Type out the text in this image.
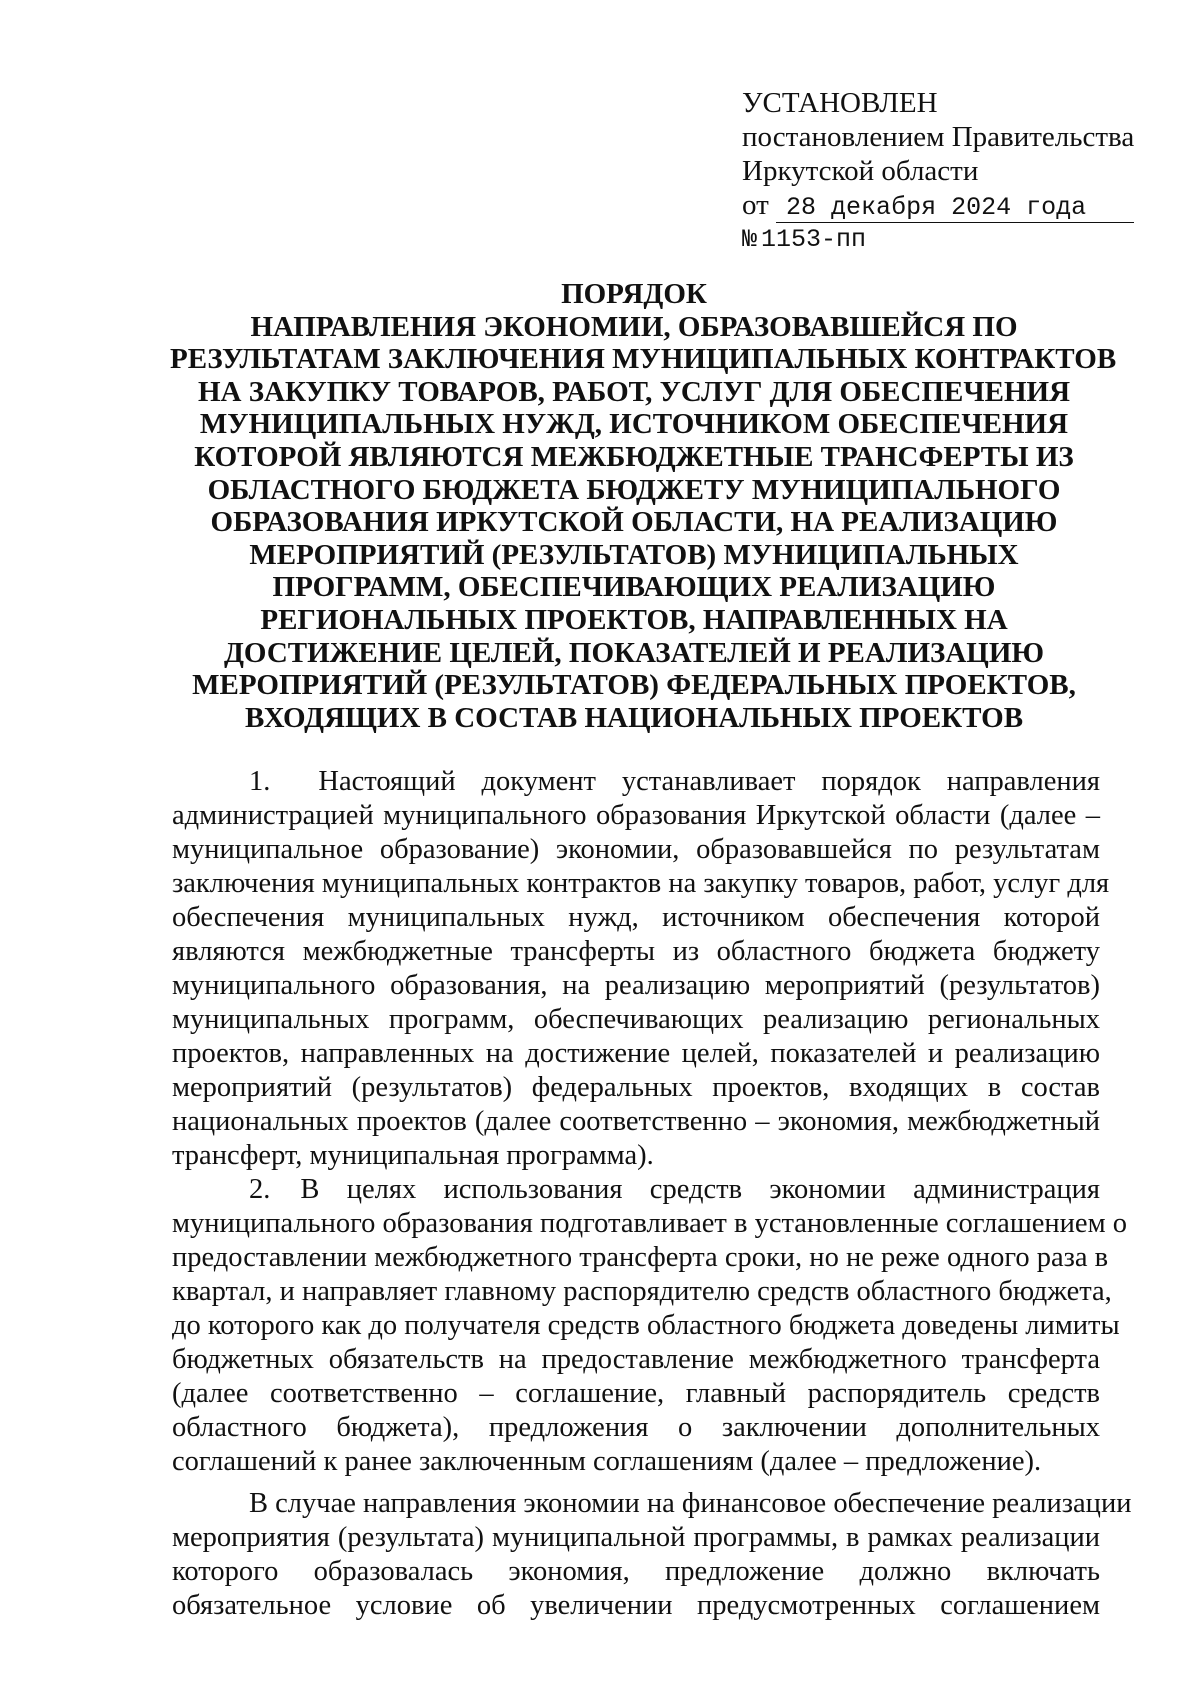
УСТАНОВЛЕН
постановлением Правительства
Иркутской области
от 28 декабря 2024 года
№ 1153-пп
ПОРЯДОК
НАПРАВЛЕНИЯ ЭКОНОМИИ, ОБРАЗОВАВШЕЙСЯ ПО
РЕЗУЛЬТАТАМ ЗАКЛЮЧЕНИЯ МУНИЦИПАЛЬНЫХ КОНТРАКТОВ
НА ЗАКУПКУ ТОВАРОВ, РАБОТ, УСЛУГ ДЛЯ ОБЕСПЕЧЕНИЯ
МУНИЦИПАЛЬНЫХ НУЖД, ИСТОЧНИКОМ ОБЕСПЕЧЕНИЯ
КОТОРОЙ ЯВЛЯЮТСЯ МЕЖБЮДЖЕТНЫЕ ТРАНСФЕРТЫ ИЗ
ОБЛАСТНОГО БЮДЖЕТА БЮДЖЕТУ МУНИЦИПАЛЬНОГО
ОБРАЗОВАНИЯ ИРКУТСКОЙ ОБЛАСТИ, НА РЕАЛИЗАЦИЮ
МЕРОПРИЯТИЙ (РЕЗУЛЬТАТОВ) МУНИЦИПАЛЬНЫХ
ПРОГРАММ, ОБЕСПЕЧИВАЮЩИХ РЕАЛИЗАЦИЮ
РЕГИОНАЛЬНЫХ ПРОЕКТОВ, НАПРАВЛЕННЫХ НА
ДОСТИЖЕНИЕ ЦЕЛЕЙ, ПОКАЗАТЕЛЕЙ И РЕАЛИЗАЦИЮ
МЕРОПРИЯТИЙ (РЕЗУЛЬТАТОВ) ФЕДЕРАЛЬНЫХ ПРОЕКТОВ,
ВХОДЯЩИХ В СОСТАВ НАЦИОНАЛЬНЫХ ПРОЕКТОВ

1. Настоящий документ устанавливает порядок направления
администрацией муниципального образования Иркутской области (далее –
муниципальное образование) экономии, образовавшейся по результатам
заключения муниципальных контрактов на закупку товаров, работ, услуг для
обеспечения муниципальных нужд, источником обеспечения которой
являются межбюджетные трансферты из областного бюджета бюджету
муниципального образования, на реализацию мероприятий (результатов)
муниципальных программ, обеспечивающих реализацию региональных
проектов, направленных на достижение целей, показателей и реализацию
мероприятий (результатов) федеральных проектов, входящих в состав
национальных проектов (далее соответственно – экономия, межбюджетный
трансферт, муниципальная программа).

2. В целях использования средств экономии администрация
муниципального образования подготавливает в установленные соглашением о
предоставлении межбюджетного трансферта сроки, но не реже одного раза в
квартал, и направляет главному распорядителю средств областного бюджета,
до которого как до получателя средств областного бюджета доведены лимиты
бюджетных обязательств на предоставление межбюджетного трансферта
(далее соответственно – соглашение, главный распорядитель средств
областного бюджета), предложения о заключении дополнительных
соглашений к ранее заключенным соглашениям (далее – предложение).

В случае направления экономии на финансовое обеспечение реализации
мероприятия (результата) муниципальной программы, в рамках реализации
которого образовалась экономия, предложение должно включать
обязательное условие об увеличении предусмотренных соглашением
